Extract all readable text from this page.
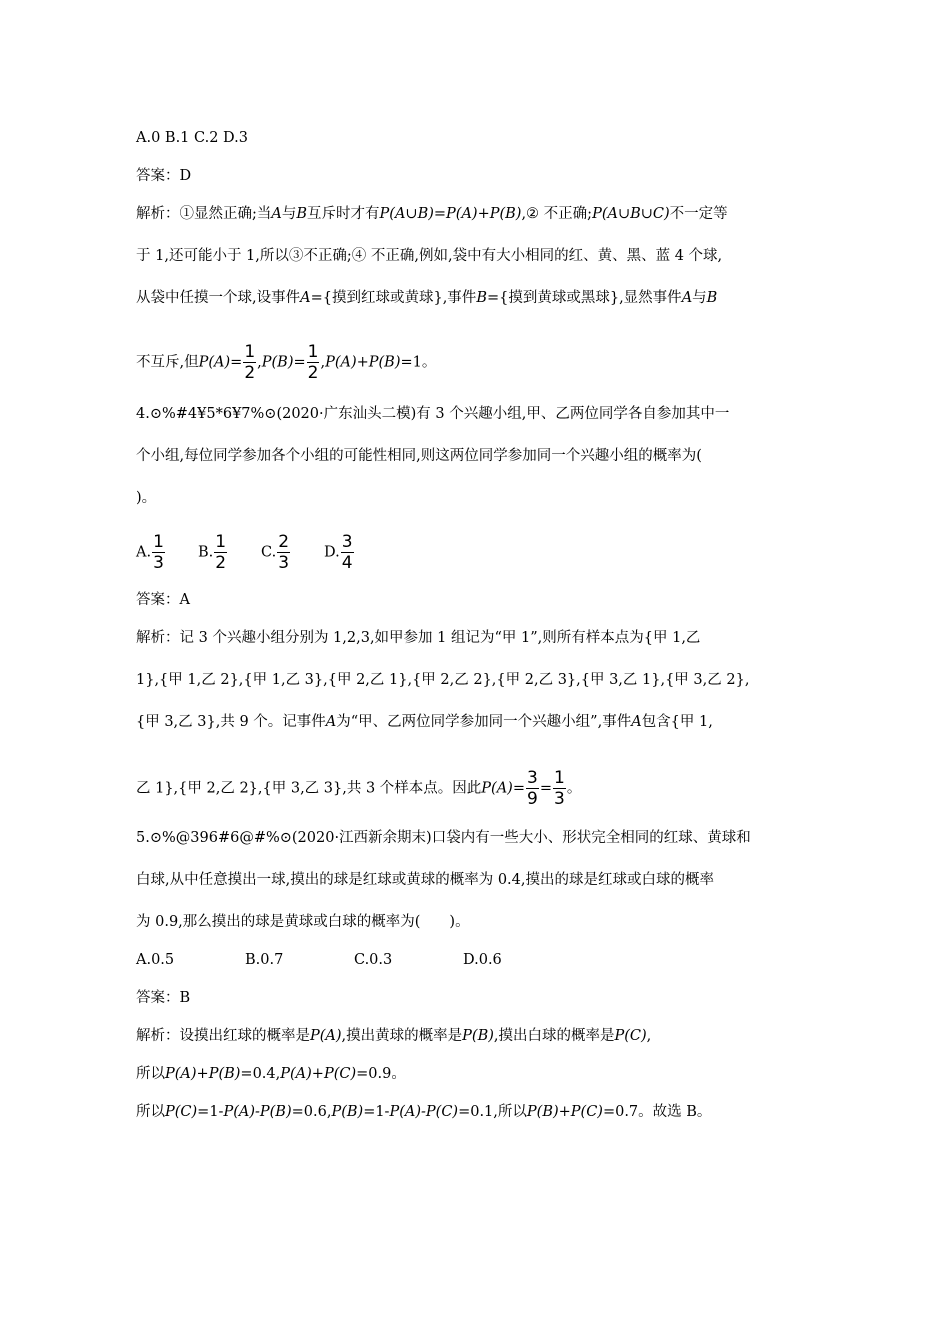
A.0 B.1 C.2 D.3
答案：D
解析：①显然正确;当A与B互斥时才有P(A∪B)=P(A)+P(B),② 不正确;P(A∪B∪C)不一定等
于 1,还可能小于 1,所以③不正确;④ 不正确,例如,袋中有大小相同的红、黄、黑、蓝 4 个球,
从袋中任摸一个球,设事件A={摸到红球或黄球},事件B={摸到黄球或黑球},显然事件A与B
不互斥,但$P(A)= \frac{1}{2} ,P(B)= \frac{1}{2} ,P(A)+P(B)=1$。
4.⊙%#4¥5*6¥7%⊙(2020·广东汕头二模)有 3 个兴趣小组,甲、乙两位同学各自参加其中一
个小组,每位同学参加各个小组的可能性相同,则这两位同学参加同一个兴趣小组的概率为(
)。
A. $\frac{1}{3} B$. $\frac{1}{2} C$. $\frac{2}{3} D$. $\frac{3}{4}$
答案：A
解析：记 3 个兴趣小组分别为 1,2,3,如甲参加 1 组记为“甲 1”,则所有样本点为{甲 1,乙
1},{甲 1,乙 2},{甲 1,乙 3},{甲 2,乙 1},{甲 2,乙 2},{甲 2,乙 3},{甲 3,乙 1},{甲 3,乙 2},
{甲 3,乙 3},共 9 个。记事件A为“甲、乙两位同学参加同一个兴趣小组”,事件A包含{甲 1,
乙 1},{甲 2,乙 2},{甲 3,乙 3},共 3 个样本点。因此$P(A)= \frac{3}{9} = \frac{1}{3}$ 。
5.⊙%@396#6@#%⊙(2020·江西新余期末)口袋内有一些大小、形状完全相同的红球、黄球和
白球,从中任意摸出一球,摸出的球是红球或黄球的概率为 0.4,摸出的球是红球或白球的概率
为 0.9,那么摸出的球是黄球或白球的概率为(　　)。
A.0.5	B.0.7	C.0.3	D.0.6
答案：B
解析：设摸出红球的概率是P(A),摸出黄球的概率是P(B),摸出白球的概率是P(C),
所以P(A)+P(B)=0.4,P(A)+P(C)=0.9。
所以P(C)=1-P(A)-P(B)=0.6,P(B)=1-P(A)-P(C)=0.1,所以P(B)+P(C)=0.7。故选 B。
